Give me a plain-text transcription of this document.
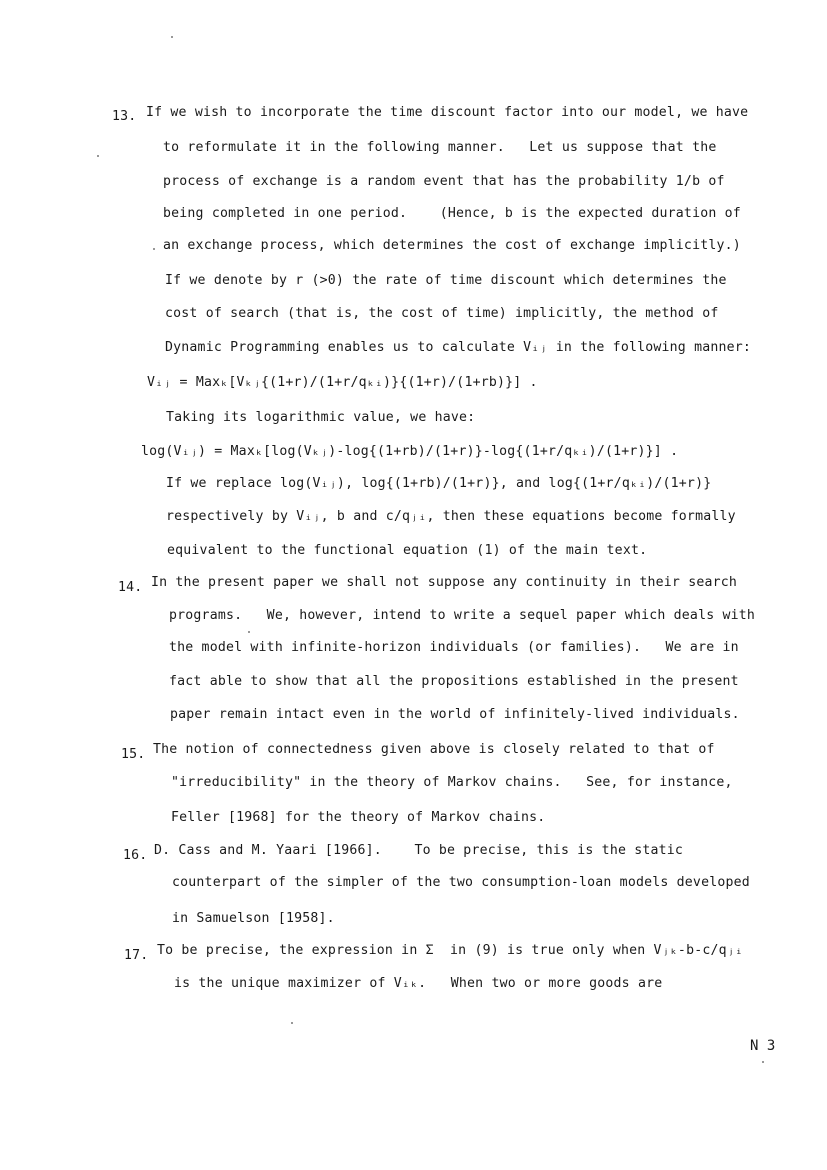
13. If we wish to incorporate the time discount factor into our model, we have
to reformulate it in the following manner.   Let us suppose that the
process of exchange is a random event that has the probability 1/b of
being completed in one period.    (Hence, b is the expected duration of
an exchange process, which determines the cost of exchange implicitly.)
If we denote by r (>0) the rate of time discount which determines the
cost of search (that is, the cost of time) implicitly, the method of
Dynamic Programming enables us to calculate Vᵢⱼ in the following manner:
Vᵢⱼ = Maxₖ[Vₖⱼ{(1+r)/(1+r/qₖᵢ)}{(1+r)/(1+rb)}] .
Taking its logarithmic value, we have:
log(Vᵢⱼ) = Maxₖ[log(Vₖⱼ)-log{(1+rb)/(1+r)}-log{(1+r/qₖᵢ)/(1+r)}] .
If we replace log(Vᵢⱼ), log{(1+rb)/(1+r)}, and log{(1+r/qₖᵢ)/(1+r)}
respectively by Vᵢⱼ, b and c/qⱼᵢ, then these equations become formally
equivalent to the functional equation (1) of the main text.
14. In the present paper we shall not suppose any continuity in their search
programs.   We, however, intend to write a sequel paper which deals with
the model with infinite-horizon individuals (or families).   We are in
fact able to show that all the propositions established in the present
paper remain intact even in the world of infinitely-lived individuals.
15. The notion of connectedness given above is closely related to that of
"irreducibility" in the theory of Markov chains.   See, for instance,
Feller [1968] for the theory of Markov chains.
16. D. Cass and M. Yaari [1966].    To be precise, this is the static
counterpart of the simpler of the two consumption-loan models developed
in Samuelson [1958].
17. To be precise, the expression in Σ  in (9) is true only when Vⱼₖ-b-c/qⱼᵢ
is the unique maximizer of Vᵢₖ.   When two or more goods are
N 3
